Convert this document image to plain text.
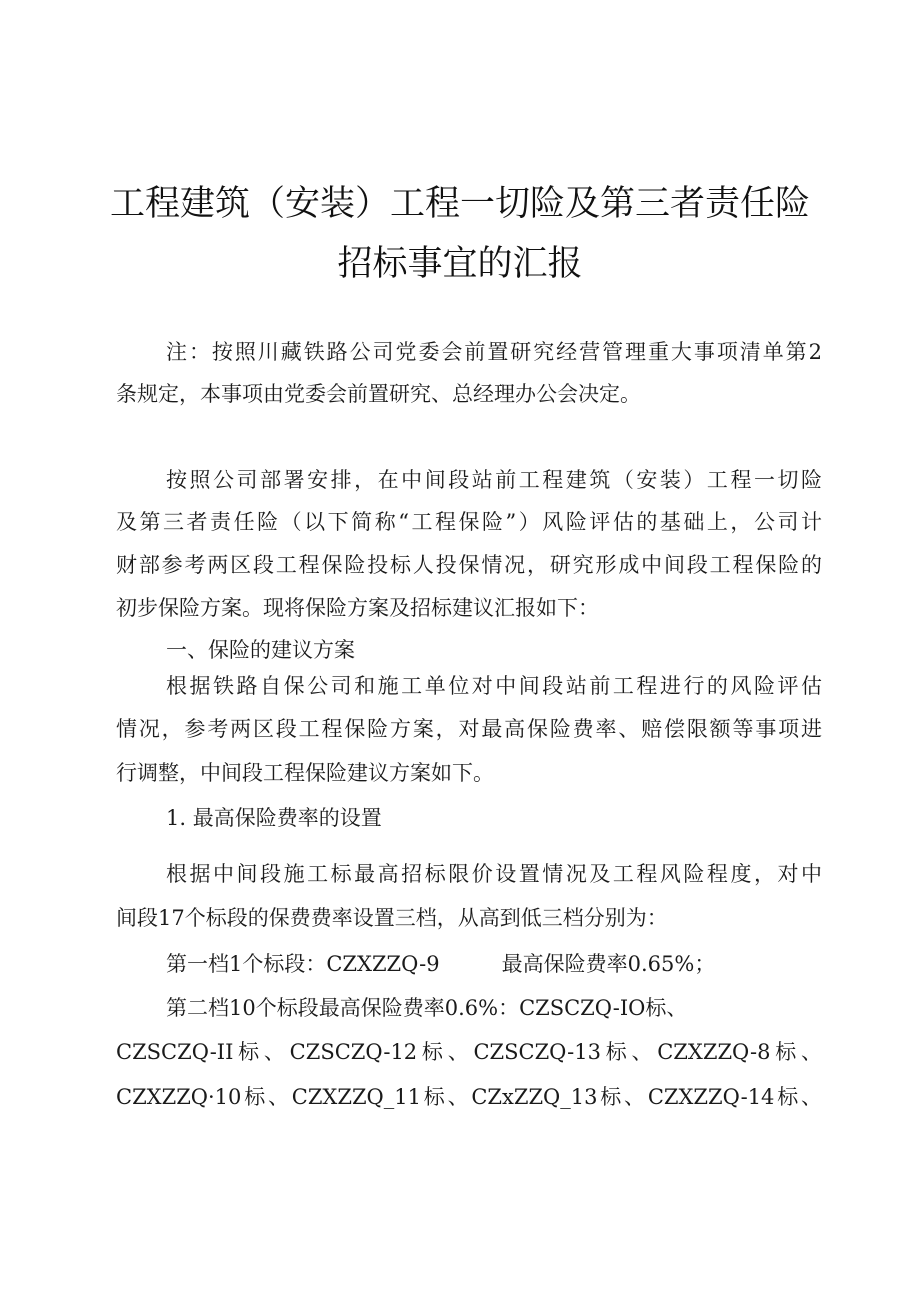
工程建筑（安装）工程一切险及第三者责任险
招标事宜的汇报
注：按照川藏铁路公司党委会前置研究经营管理重大事项清单第2
条规定，本事项由党委会前置研究、总经理办公会决定。
按照公司部署安排，在中间段站前工程建筑（安装）工程一切险
及第三者责任险（以下简称“工程保险”）风险评估的基础上，公司计
财部参考两区段工程保险投标人投保情况，研究形成中间段工程保险的
初步保险方案。现将保险方案及招标建议汇报如下：
一、保险的建议方案
根据铁路自保公司和施工单位对中间段站前工程进行的风险评估
情况，参考两区段工程保险方案，对最高保险费率、赔偿限额等事项进
行调整，中间段工程保险建议方案如下。
1. 最高保险费率的设置
根据中间段施工标最高招标限价设置情况及工程风险程度，对中
间段17个标段的保费费率设置三档，从高到低三档分别为：
第一档1个标段：CZXZZQ-9	最高保险费率0.65%；
第二档10个标段最高保险费率0.6%：CZSCZQ-IO标、
CZSCZQ-II标、CZSCZQ-12标、CZSCZQ-13标、CZXZZQ-8标、
CZXZZQ·10标、CZXZZQ_11标、CZxZZQ_13标、CZXZZQ-14标、
